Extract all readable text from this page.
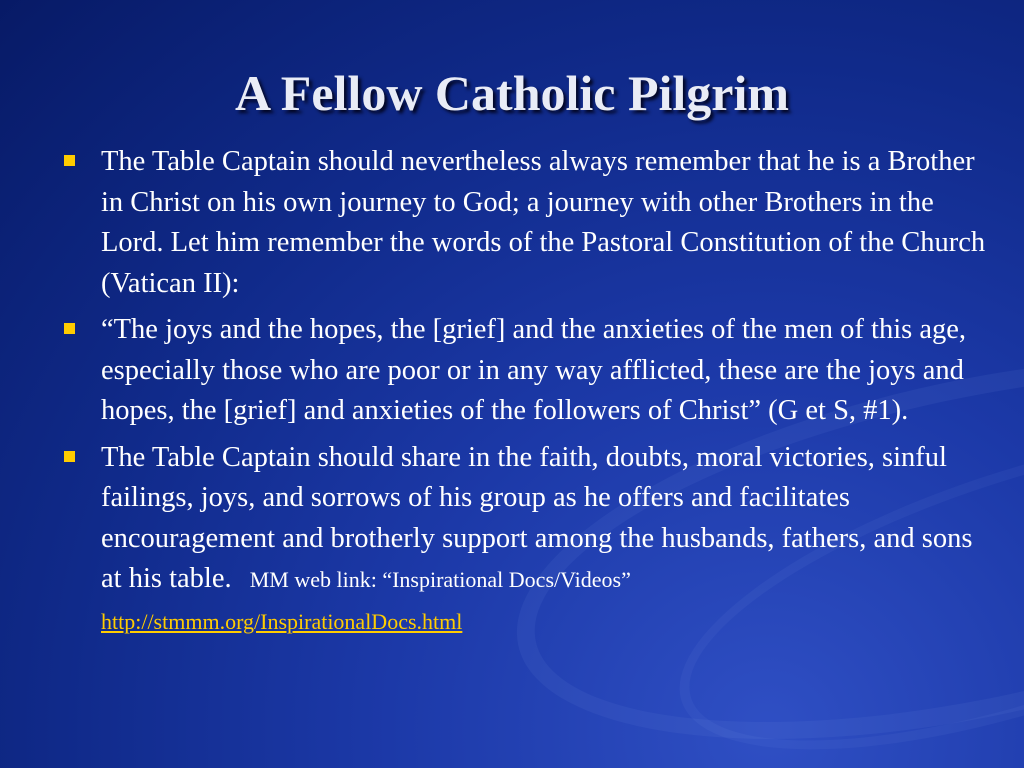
A Fellow Catholic Pilgrim
The Table Captain should nevertheless always remember that he is a Brother in Christ on his own journey to God; a journey with other Brothers in the Lord. Let him remember the words of the Pastoral Constitution of the Church (Vatican II):
“The joys and the hopes, the [grief] and the anxieties of the men of this age, especially those who are poor or in any way afflicted, these are the joys and hopes, the [grief] and anxieties of the followers of Christ” (G et S, #1).
The Table Captain should share in the faith, doubts, moral victories, sinful failings, joys, and sorrows of his group as he offers and facilitates encouragement and brotherly support among the husbands, fathers, and sons at his table.   MM web link: “Inspirational Docs/Videos” http://stmmm.org/InspirationalDocs.html
